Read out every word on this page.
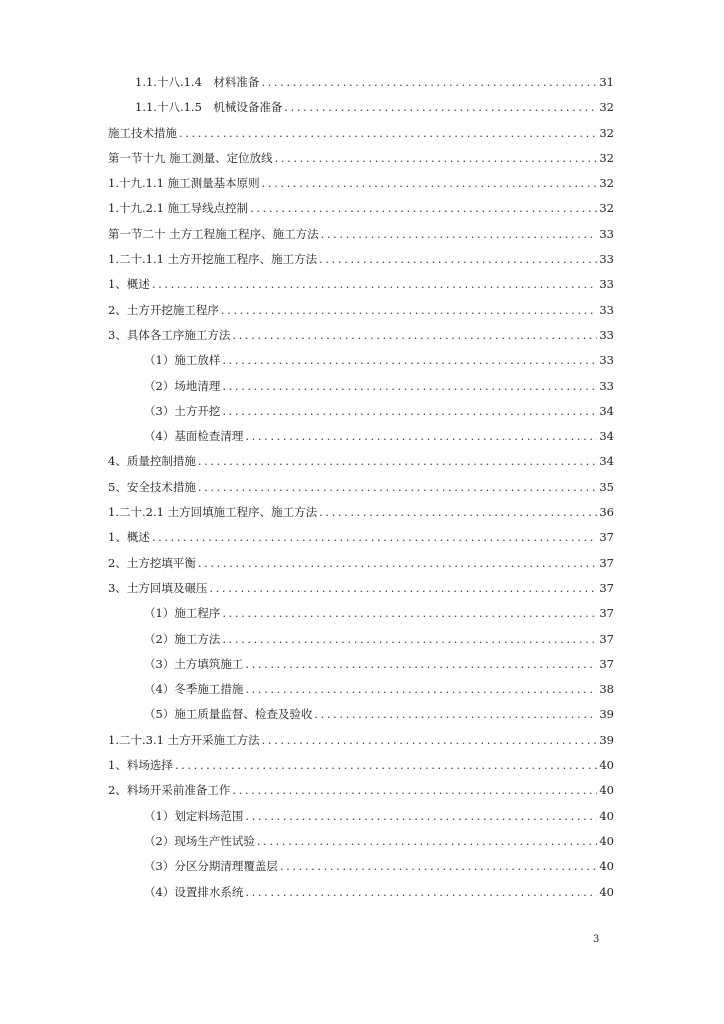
1.1.十八.1.4　材料准备 .....	31
1.1.十八.1.5　机械设备准备 .....	32
施工技术措施 .....	32
第一节十九 施工测量、定位放线 .....	32
1.十九.1.1 施工测量基本原则 .....	32
1.十九.2.1 施工导线点控制 .....	32
第一节二十 土方工程施工程序、施工方法 .....	33
1.二十.1.1 土方开挖施工程序、施工方法 .....	33
1、概述 .....	33
2、土方开挖施工程序 .....	33
3、具体各工序施工方法 .....	33
（1）施工放样 .....	33
（2）场地清理 .....	33
（3）土方开挖 .....	34
（4）基面检查清理 .....	34
4、质量控制措施 .....	34
5、安全技术措施 .....	35
1.二十.2.1 土方回填施工程序、施工方法 .....	36
1、概述 .....	37
2、土方挖填平衡 .....	37
3、土方回填及碾压 .....	37
（1）施工程序 .....	37
（2）施工方法 .....	37
（3）土方填筑施工 .....	37
（4）冬季施工措施 .....	38
（5）施工质量监督、检查及验收 .....	39
1.二十.3.1 土方开采施工方法 .....	39
1、料场选择 .....	40
2、料场开采前准备工作 .....	40
（1）划定料场范围 .....	40
（2）现场生产性试验 .....	40
（3）分区分期清理覆盖层 .....	40
（4）设置排水系统 .....	40
3
